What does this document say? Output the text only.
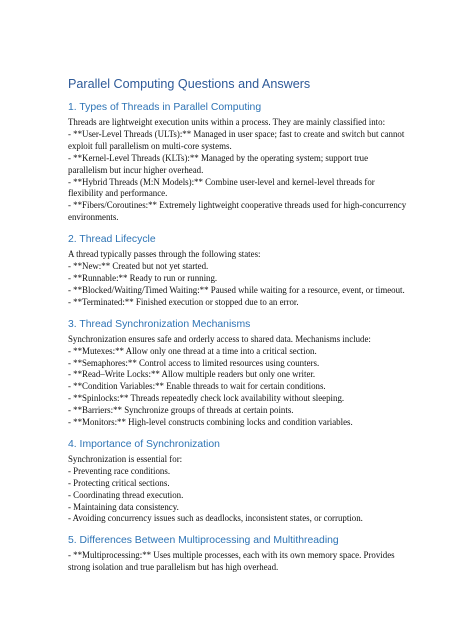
Parallel Computing Questions and Answers
1. Types of Threads in Parallel Computing

Threads are lightweight execution units within a process. They are mainly classified into:

- **User-Level Threads (ULTs):** Managed in user space; fast to create and switch but cannot exploit full parallelism on multi-core systems.

- **Kernel-Level Threads (KLTs):** Managed by the operating system; support true parallelism but incur higher overhead.

- **Hybrid Threads (M:N Models):** Combine user-level and kernel-level threads for flexibility and performance.

- **Fibers/Coroutines:** Extremely lightweight cooperative threads used for high-concurrency environments.

2. Thread Lifecycle

A thread typically passes through the following states:

- **New:** Created but not yet started.

- **Runnable:** Ready to run or running.

- **Blocked/Waiting/Timed Waiting:** Paused while waiting for a resource, event, or timeout.

- **Terminated:** Finished execution or stopped due to an error.

3. Thread Synchronization Mechanisms

Synchronization ensures safe and orderly access to shared data. Mechanisms include:

- **Mutexes:** Allow only one thread at a time into a critical section.

- **Semaphores:** Control access to limited resources using counters.

- **Read–Write Locks:** Allow multiple readers but only one writer.

- **Condition Variables:** Enable threads to wait for certain conditions.

- **Spinlocks:** Threads repeatedly check lock availability without sleeping.

- **Barriers:** Synchronize groups of threads at certain points.

- **Monitors:** High-level constructs combining locks and condition variables.

4. Importance of Synchronization

Synchronization is essential for:

- Preventing race conditions.

- Protecting critical sections.

- Coordinating thread execution.

- Maintaining data consistency.

- Avoiding concurrency issues such as deadlocks, inconsistent states, or corruption.

5. Differences Between Multiprocessing and Multithreading

- **Multiprocessing:** Uses multiple processes, each with its own memory space. Provides strong isolation and true parallelism but has high overhead.
